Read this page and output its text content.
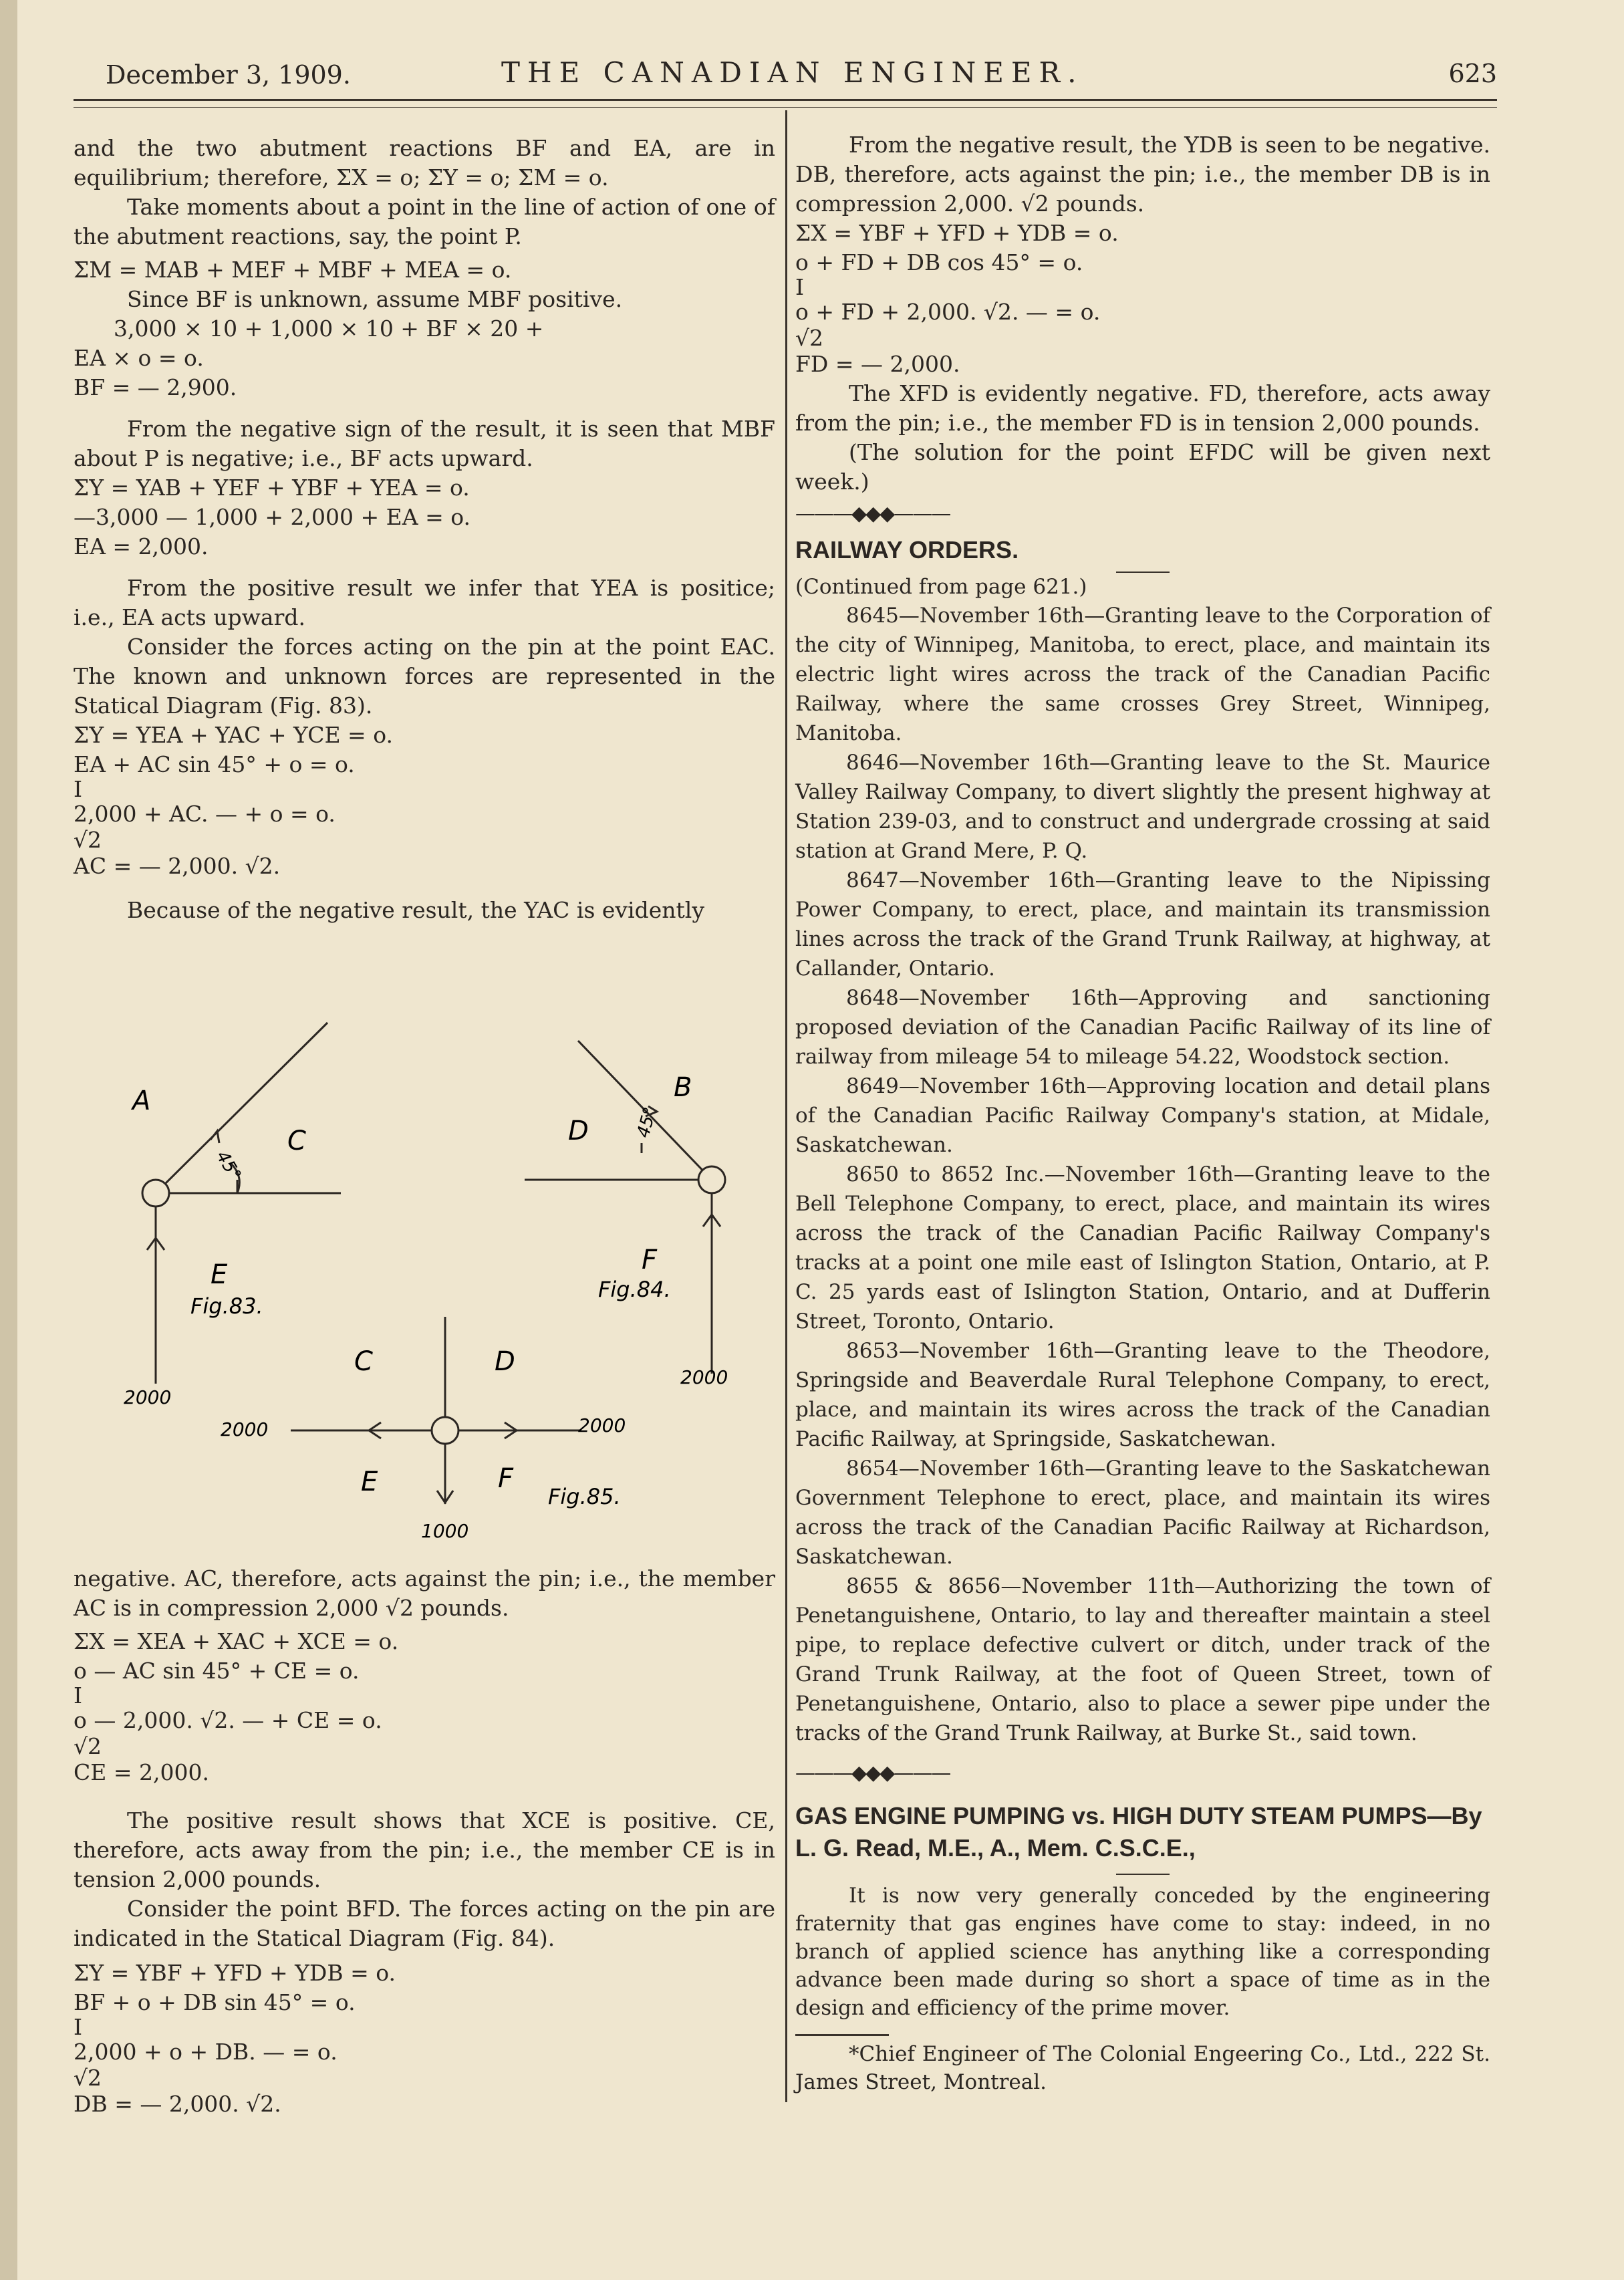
December 3, 1909.	THE CANADIAN ENGINEER.	623

and the two abutment reactions BF and EA, are in equilibrium; therefore, ΣX = o; ΣY = o; ΣM = o.

Take moments about a point in the line of action of one of the abutment reactions, say, the point P.

ΣM = MAB + MEF + MBF + MEA = o.

Since BF is unknown, assume MBF positive.

3,000 × 10 + 1,000 × 10 + BF × 20 +

EA × o = o.

BF = — 2,900.

From the negative sign of the result, it is seen that MBF about P is negative; i.e., BF acts upward.

ΣY = YAB + YEF + YBF + YEA = o.

—3,000 — 1,000 + 2,000 + EA = o.

EA = 2,000.

From the positive result we infer that YEA is positice; i.e., EA acts upward.

Consider the forces acting on the pin at the point EAC. The known and unknown forces are represented in the Statical Diagram (Fig. 83).

ΣY = YEA + YAC + YCE = o.

EA + AC sin 45° + o = o.

I

2,000 + AC. — + o = o.

√2

AC = — 2,000. √2.

Because of the negative result, the YAC is evidently

A
C
E
45°
Fig.83.
2000
B
D
F
45°
Fig.84.
2000
C	D
E	F
2000	2000
1000
Fig.85.

negative. AC, therefore, acts against the pin; i.e., the member AC is in compression 2,000 √2 pounds.

ΣX = XEA + XAC + XCE = o.

o — AC sin 45° + CE = o.

I

o — 2,000. √2. — + CE = o.

√2

CE = 2,000.

The positive result shows that XCE is positive. CE, therefore, acts away from the pin; i.e., the member CE is in tension 2,000 pounds.

Consider the point BFD. The forces acting on the pin are indicated in the Statical Diagram (Fig. 84).

ΣY = YBF + YFD + YDB = o.

BF + o + DB sin 45° = o.

I

2,000 + o + DB. — = o.

√2

DB = — 2,000. √2.

From the negative result, the YDB is seen to be negative. DB, therefore, acts against the pin; i.e., the member DB is in compression 2,000. √2 pounds.

ΣX = YBF + YFD + YDB = o.

o + FD + DB cos 45° = o.

I

o + FD + 2,000. √2. — = o.

√2

FD = — 2,000.

The XFD is evidently negative. FD, therefore, acts away from the pin; i.e., the member FD is in tension 2,000 pounds.

(The solution for the point EFDC will be given next week.)

———◆◆◆———

RAILWAY ORDERS.

(Continued from page 621.)

8645—November 16th—Granting leave to the Corporation of the city of Winnipeg, Manitoba, to erect, place, and maintain its electric light wires across the track of the Canadian Pacific Railway, where the same crosses Grey Street, Winnipeg, Manitoba.

8646—November 16th—Granting leave to the St. Maurice Valley Railway Company, to divert slightly the present highway at Station 239-03, and to construct and undergrade crossing at said station at Grand Mere, P. Q.

8647—November 16th—Granting leave to the Nipissing Power Company, to erect, place, and maintain its transmission lines across the track of the Grand Trunk Railway, at highway, at Callander, Ontario.

8648—November 16th—Approving and sanctioning proposed deviation of the Canadian Pacific Railway of its line of railway from mileage 54 to mileage 54.22, Woodstock section.

8649—November 16th—Approving location and detail plans of the Canadian Pacific Railway Company's station, at Midale, Saskatchewan.

8650 to 8652 Inc.—November 16th—Granting leave to the Bell Telephone Company, to erect, place, and maintain its wires across the track of the Canadian Pacific Railway Company's tracks at a point one mile east of Islington Station, Ontario, at P. C. 25 yards east of Islington Station, Ontario, and at Dufferin Street, Toronto, Ontario.

8653—November 16th—Granting leave to the Theodore, Springside and Beaverdale Rural Telephone Company, to erect, place, and maintain its wires across the track of the Canadian Pacific Railway, at Springside, Saskatchewan.

8654—November 16th—Granting leave to the Saskatchewan Government Telephone to erect, place, and maintain its wires across the track of the Canadian Pacific Railway at Richardson, Saskatchewan.

8655 & 8656—November 11th—Authorizing the town of Penetanguishene, Ontario, to lay and thereafter maintain a steel pipe, to replace defective culvert or ditch, under track of the Grand Trunk Railway, at the foot of Queen Street, town of Penetanguishene, Ontario, also to place a sewer pipe under the tracks of the Grand Trunk Railway, at Burke St., said town.

———◆◆◆———

GAS ENGINE PUMPING vs. HIGH DUTY STEAM PUMPS—By L. G. Read, M.E., A., Mem. C.S.C.E.,

It is now very generally conceded by the engineering fraternity that gas engines have come to stay: indeed, in no branch of applied science has anything like a corresponding advance been made during so short a space of time as in the design and efficiency of the prime mover.

*Chief Engineer of The Colonial Engeering Co., Ltd., 222 St. James Street, Montreal.
